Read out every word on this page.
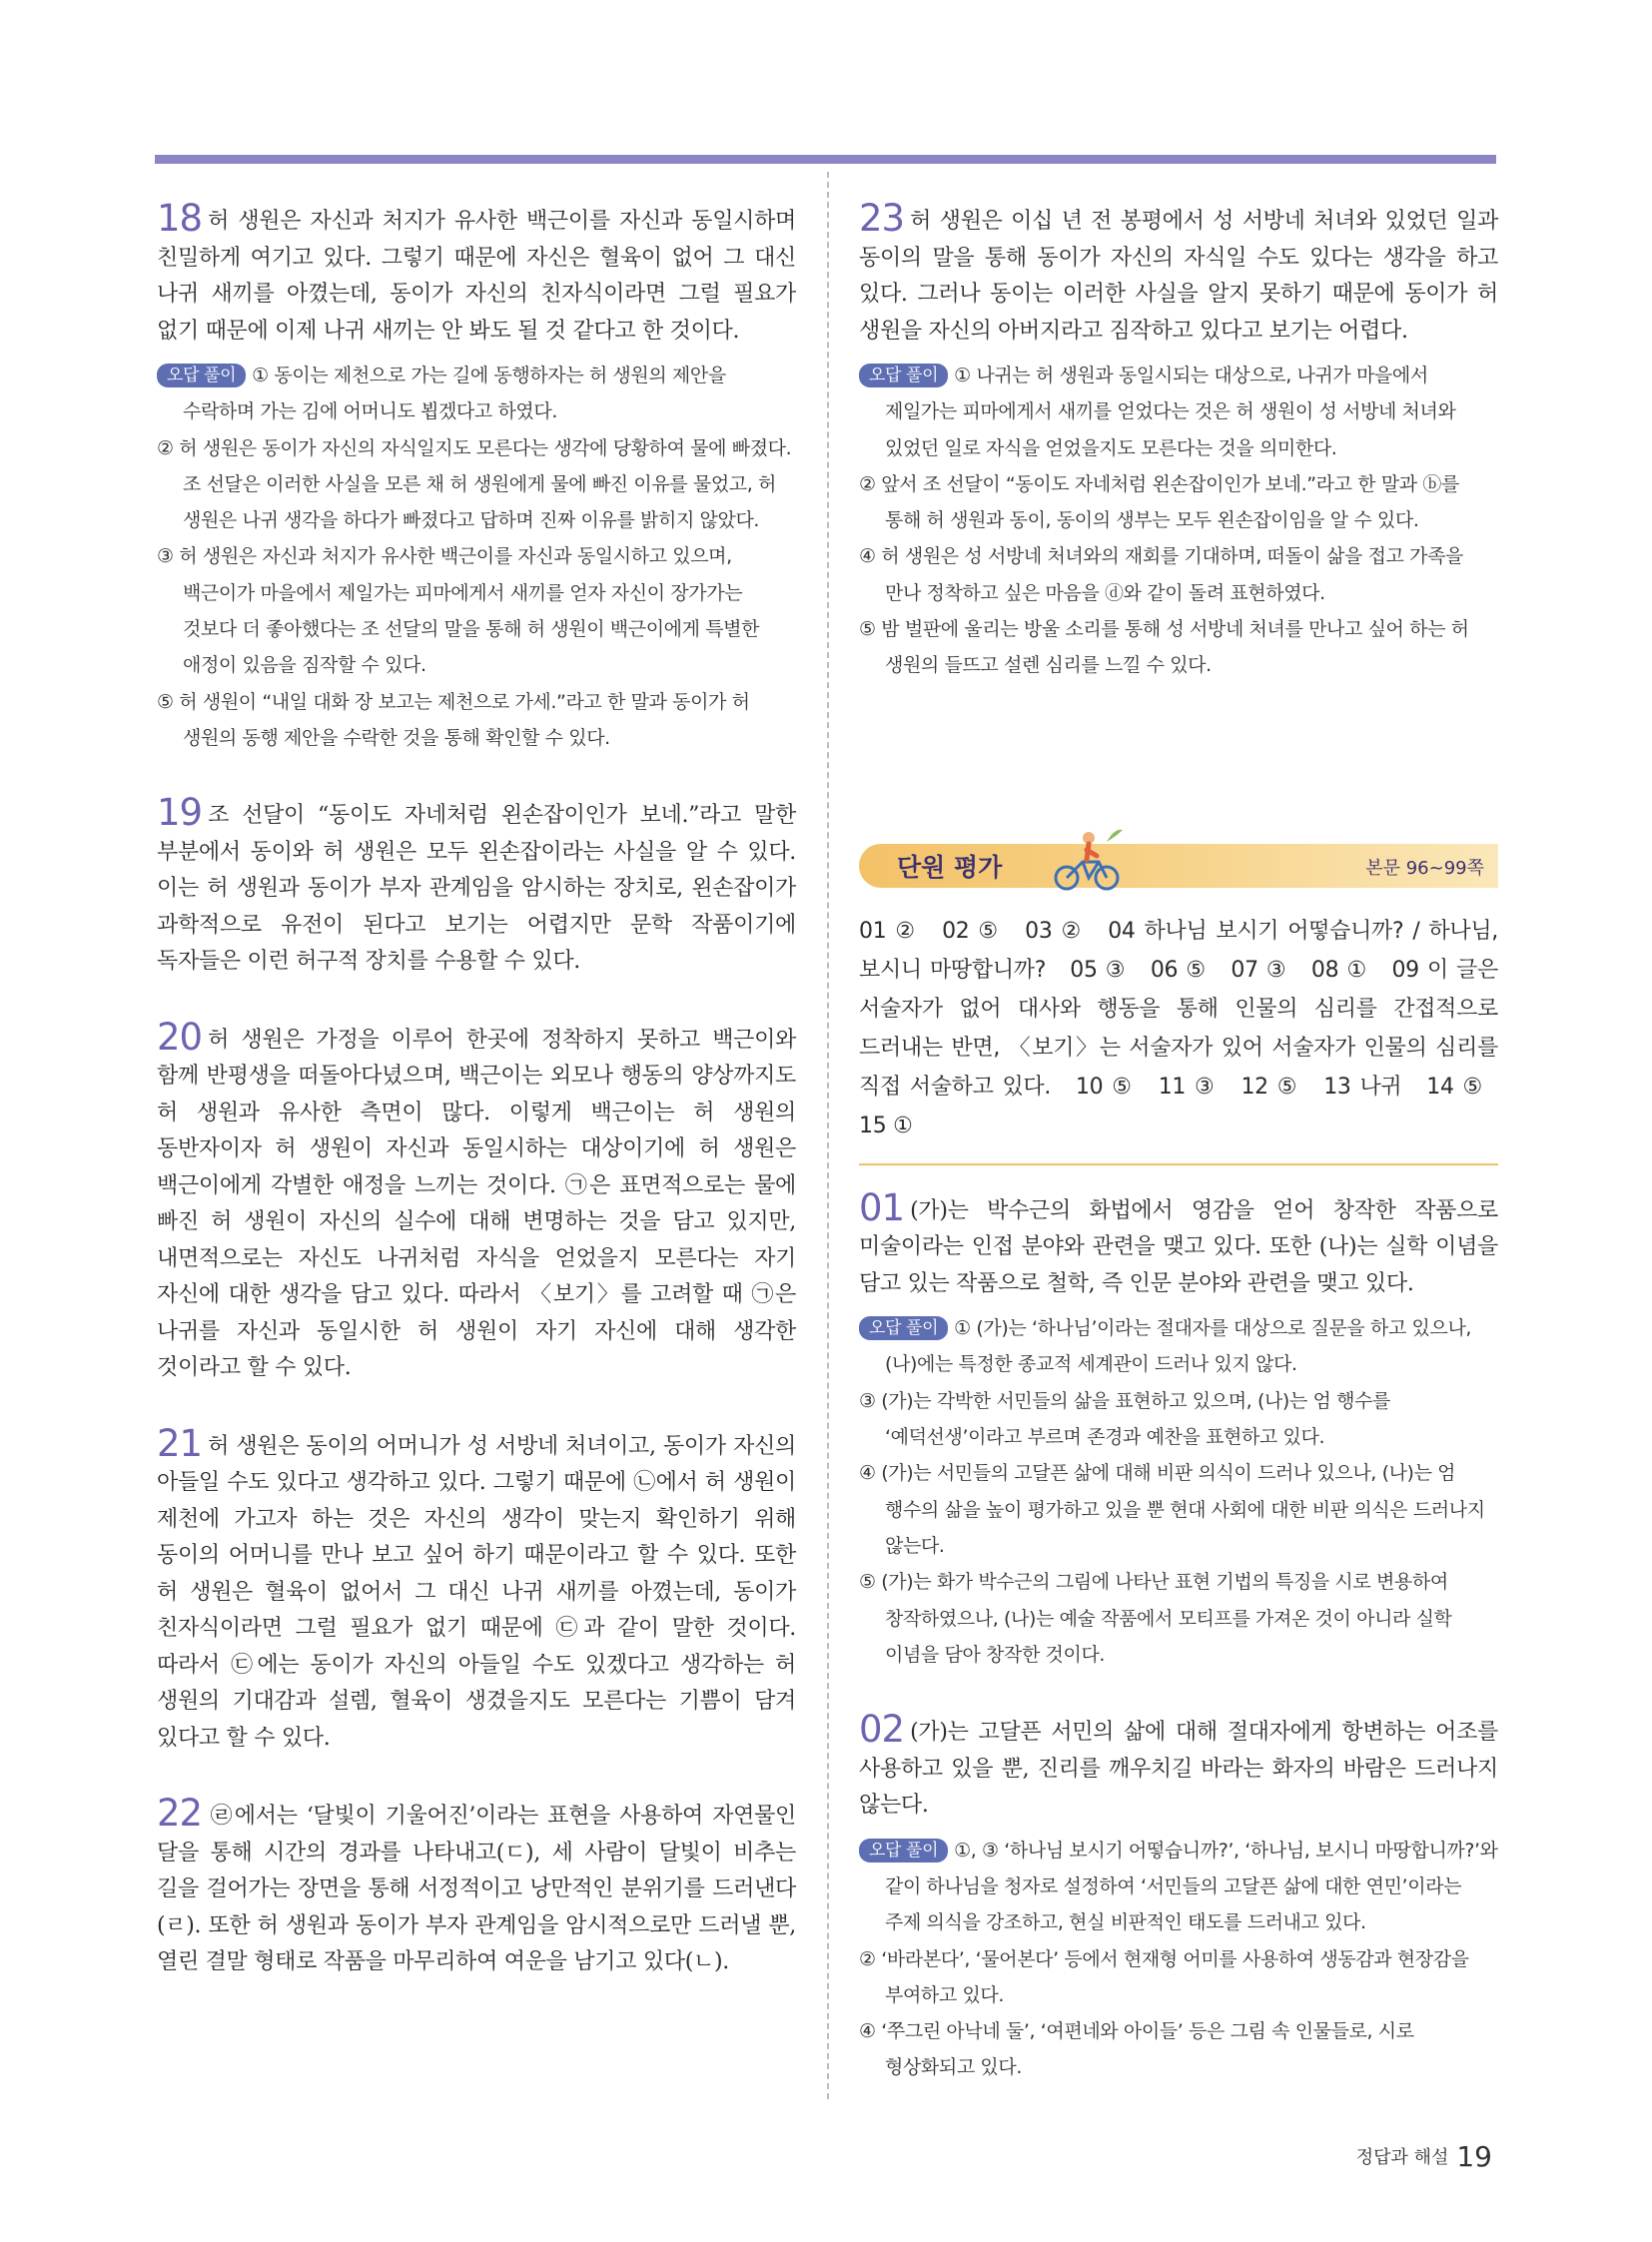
18 허 생원은 자신과 처지가 유사한 백근이를 자신과 동일시하며 친밀하게 여기고 있다. 그렇기 때문에 자신은 혈육이 없어 그 대신 나귀 새끼를 아꼈는데, 동이가 자신의 친자식이라면 그럴 필요가 없기 때문에 이제 나귀 새끼는 안 봐도 될 것 같다고 한 것이다.

오답 풀이 ① 동이는 제천으로 가는 길에 동행하자는 허 생원의 제안을 수락하며 가는 김에 어머니도 뵙겠다고 하였다.

② 허 생원은 동이가 자신의 자식일지도 모른다는 생각에 당황하여 물에 빠졌다. 조 선달은 이러한 사실을 모른 채 허 생원에게 물에 빠진 이유를 물었고, 허 생원은 나귀 생각을 하다가 빠졌다고 답하며 진짜 이유를 밝히지 않았다.

③ 허 생원은 자신과 처지가 유사한 백근이를 자신과 동일시하고 있으며, 백근이가 마을에서 제일가는 피마에게서 새끼를 얻자 자신이 장가가는 것보다 더 좋아했다는 조 선달의 말을 통해 허 생원이 백근이에게 특별한 애정이 있음을 짐작할 수 있다.

⑤ 허 생원이 “내일 대화 장 보고는 제천으로 가세.”라고 한 말과 동이가 허 생원의 동행 제안을 수락한 것을 통해 확인할 수 있다.

19 조 선달이 “동이도 자네처럼 왼손잡이인가 보네.”라고 말한 부분에서 동이와 허 생원은 모두 왼손잡이라는 사실을 알 수 있다. 이는 허 생원과 동이가 부자 관계임을 암시하는 장치로, 왼손잡이가 과학적으로 유전이 된다고 보기는 어렵지만 문학 작품이기에 독자들은 이런 허구적 장치를 수용할 수 있다.
20 허 생원은 가정을 이루어 한곳에 정착하지 못하고 백근이와 함께 반평생을 떠돌아다녔으며, 백근이는 외모나 행동의 양상까지도 허 생원과 유사한 측면이 많다. 이렇게 백근이는 허 생원의 동반자이자 허 생원이 자신과 동일시하는 대상이기에 허 생원은 백근이에게 각별한 애정을 느끼는 것이다. ㉠은 표면적으로는 물에 빠진 허 생원이 자신의 실수에 대해 변명하는 것을 담고 있지만, 내면적으로는 자신도 나귀처럼 자식을 얻었을지 모른다는 자기 자신에 대한 생각을 담고 있다. 따라서 〈보기〉를 고려할 때 ㉠은 나귀를 자신과 동일시한 허 생원이 자기 자신에 대해 생각한 것이라고 할 수 있다.
21 허 생원은 동이의 어머니가 성 서방네 처녀이고, 동이가 자신의 아들일 수도 있다고 생각하고 있다. 그렇기 때문에 ㉡에서 허 생원이 제천에 가고자 하는 것은 자신의 생각이 맞는지 확인하기 위해 동이의 어머니를 만나 보고 싶어 하기 때문이라고 할 수 있다. 또한 허 생원은 혈육이 없어서 그 대신 나귀 새끼를 아꼈는데, 동이가 친자식이라면 그럴 필요가 없기 때문에 ㉢과 같이 말한 것이다. 따라서 ㉢에는 동이가 자신의 아들일 수도 있겠다고 생각하는 허 생원의 기대감과 설렘, 혈육이 생겼을지도 모른다는 기쁨이 담겨 있다고 할 수 있다.
22 ㉣에서는 ‘달빛이 기울어진’이라는 표현을 사용하여 자연물인 달을 통해 시간의 경과를 나타내고(ㄷ), 세 사람이 달빛이 비추는 길을 걸어가는 장면을 통해 서정적이고 낭만적인 분위기를 드러낸다(ㄹ). 또한 허 생원과 동이가 부자 관계임을 암시적으로만 드러낼 뿐, 열린 결말 형태로 작품을 마무리하여 여운을 남기고 있다(ㄴ).
23 허 생원은 이십 년 전 봉평에서 성 서방네 처녀와 있었던 일과 동이의 말을 통해 동이가 자신의 자식일 수도 있다는 생각을 하고 있다. 그러나 동이는 이러한 사실을 알지 못하기 때문에 동이가 허 생원을 자신의 아버지라고 짐작하고 있다고 보기는 어렵다.

오답 풀이 ① 나귀는 허 생원과 동일시되는 대상으로, 나귀가 마을에서 제일가는 피마에게서 새끼를 얻었다는 것은 허 생원이 성 서방네 처녀와 있었던 일로 자식을 얻었을지도 모른다는 것을 의미한다.

② 앞서 조 선달이 “동이도 자네처럼 왼손잡이인가 보네.”라고 한 말과 ⓑ를 통해 허 생원과 동이, 동이의 생부는 모두 왼손잡이임을 알 수 있다.

④ 허 생원은 성 서방네 처녀와의 재회를 기대하며, 떠돌이 삶을 접고 가족을 만나 정착하고 싶은 마음을 ⓓ와 같이 돌려 표현하였다.

⑤ 밤 벌판에 울리는 방울 소리를 통해 성 서방네 처녀를 만나고 싶어 하는 허 생원의 들뜨고 설렌 심리를 느낄 수 있다.

단원 평가	본문 96~99쪽
01 ② 02 ⑤ 03 ② 04 하나님 보시기 어떻습니까? / 하나님, 보시니 마땅합니까? 05 ③ 06 ⑤ 07 ③ 08 ① 09 이 글은 서술자가 없어 대사와 행동을 통해 인물의 심리를 간접적으로 드러내는 반면, 〈보기〉는 서술자가 있어 서술자가 인물의 심리를 직접 서술하고 있다. 10 ⑤ 11 ③ 12 ⑤ 13 나귀 14 ⑤ 15 ①
01 (가)는 박수근의 화법에서 영감을 얻어 창작한 작품으로 미술이라는 인접 분야와 관련을 맺고 있다. 또한 (나)는 실학 이념을 담고 있는 작품으로 철학, 즉 인문 분야와 관련을 맺고 있다.

오답 풀이 ① (가)는 ‘하나님’이라는 절대자를 대상으로 질문을 하고 있으나, (나)에는 특정한 종교적 세계관이 드러나 있지 않다.

③ (가)는 각박한 서민들의 삶을 표현하고 있으며, (나)는 엄 행수를 ‘예덕선생’이라고 부르며 존경과 예찬을 표현하고 있다.

④ (가)는 서민들의 고달픈 삶에 대해 비판 의식이 드러나 있으나, (나)는 엄 행수의 삶을 높이 평가하고 있을 뿐 현대 사회에 대한 비판 의식은 드러나지 않는다.

⑤ (가)는 화가 박수근의 그림에 나타난 표현 기법의 특징을 시로 변용하여 창작하였으나, (나)는 예술 작품에서 모티프를 가져온 것이 아니라 실학 이념을 담아 창작한 것이다.

02 (가)는 고달픈 서민의 삶에 대해 절대자에게 항변하는 어조를 사용하고 있을 뿐, 진리를 깨우치길 바라는 화자의 바람은 드러나지 않는다.

오답 풀이 ①, ③ ‘하나님 보시기 어떻습니까?’, ‘하나님, 보시니 마땅합니까?’와 같이 하나님을 청자로 설정하여 ‘서민들의 고달픈 삶에 대한 연민’이라는 주제 의식을 강조하고, 현실 비판적인 태도를 드러내고 있다.

② ‘바라본다’, ‘물어본다’ 등에서 현재형 어미를 사용하여 생동감과 현장감을 부여하고 있다.

④ ‘쭈그린 아낙네 둘’, ‘여편네와 아이들’ 등은 그림 속 인물들로, 시로 형상화되고 있다.

정답과 해설 19
